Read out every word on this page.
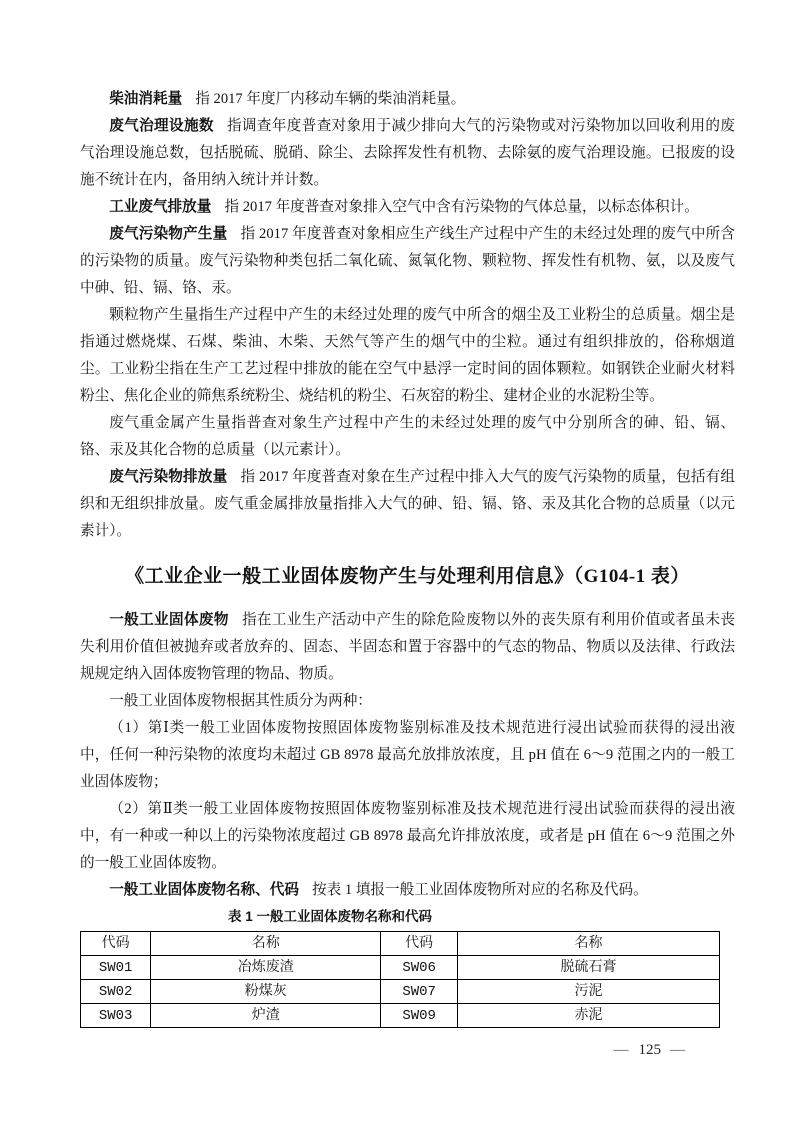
柴油消耗量 指 2017 年度厂内移动车辆的柴油消耗量。

废气治理设施数 指调查年度普查对象用于减少排向大气的污染物或对污染物加以回收利用的废气治理设施总数，包括脱硫、脱硝、除尘、去除挥发性有机物、去除氨的废气治理设施。已报废的设施不统计在内，备用纳入统计并计数。

工业废气排放量 指 2017 年度普查对象排入空气中含有污染物的气体总量，以标态体积计。

废气污染物产生量 指 2017 年度普查对象相应生产线生产过程中产生的未经过处理的废气中所含的污染物的质量。废气污染物种类包括二氧化硫、氮氧化物、颗粒物、挥发性有机物、氨，以及废气中砷、铅、镉、铬、汞。

颗粒物产生量指生产过程中产生的未经过处理的废气中所含的烟尘及工业粉尘的总质量。烟尘是指通过燃烧煤、石煤、柴油、木柴、天然气等产生的烟气中的尘粒。通过有组织排放的，俗称烟道尘。工业粉尘指在生产工艺过程中排放的能在空气中悬浮一定时间的固体颗粒。如钢铁企业耐火材料粉尘、焦化企业的筛焦系统粉尘、烧结机的粉尘、石灰窑的粉尘、建材企业的水泥粉尘等。

废气重金属产生量指普查对象生产过程中产生的未经过处理的废气中分别所含的砷、铅、镉、铬、汞及其化合物的总质量（以元素计）。

废气污染物排放量 指 2017 年度普查对象在生产过程中排入大气的废气污染物的质量，包括有组织和无组织排放量。废气重金属排放量指排入大气的砷、铅、镉、铬、汞及其化合物的总质量（以元素计）。

《工业企业一般工业固体废物产生与处理利用信息》（G104-1 表）

一般工业固体废物 指在工业生产活动中产生的除危险废物以外的丧失原有利用价值或者虽未丧失利用价值但被抛弃或者放弃的、固态、半固态和置于容器中的气态的物品、物质以及法律、行政法规规定纳入固体废物管理的物品、物质。

一般工业固体废物根据其性质分为两种：

（1）第Ⅰ类一般工业固体废物按照固体废物鉴别标准及技术规范进行浸出试验而获得的浸出液中，任何一种污染物的浓度均未超过 GB 8978 最高允放排放浓度，且 pH 值在 6～9 范围之内的一般工业固体废物；

（2）第Ⅱ类一般工业固体废物按照固体废物鉴别标准及技术规范进行浸出试验而获得的浸出液中，有一种或一种以上的污染物浓度超过 GB 8978 最高允许排放浓度，或者是 pH 值在 6～9 范围之外的一般工业固体废物。

一般工业固体废物名称、代码 按表 1 填报一般工业固体废物所对应的名称及代码。

表 1 一般工业固体废物名称和代码
代码	名称	代码	名称
SW01	冶炼废渣	SW06	脱硫石膏
SW02	粉煤灰	SW07	污泥
SW03	炉渣	SW09	赤泥
— 125 —
